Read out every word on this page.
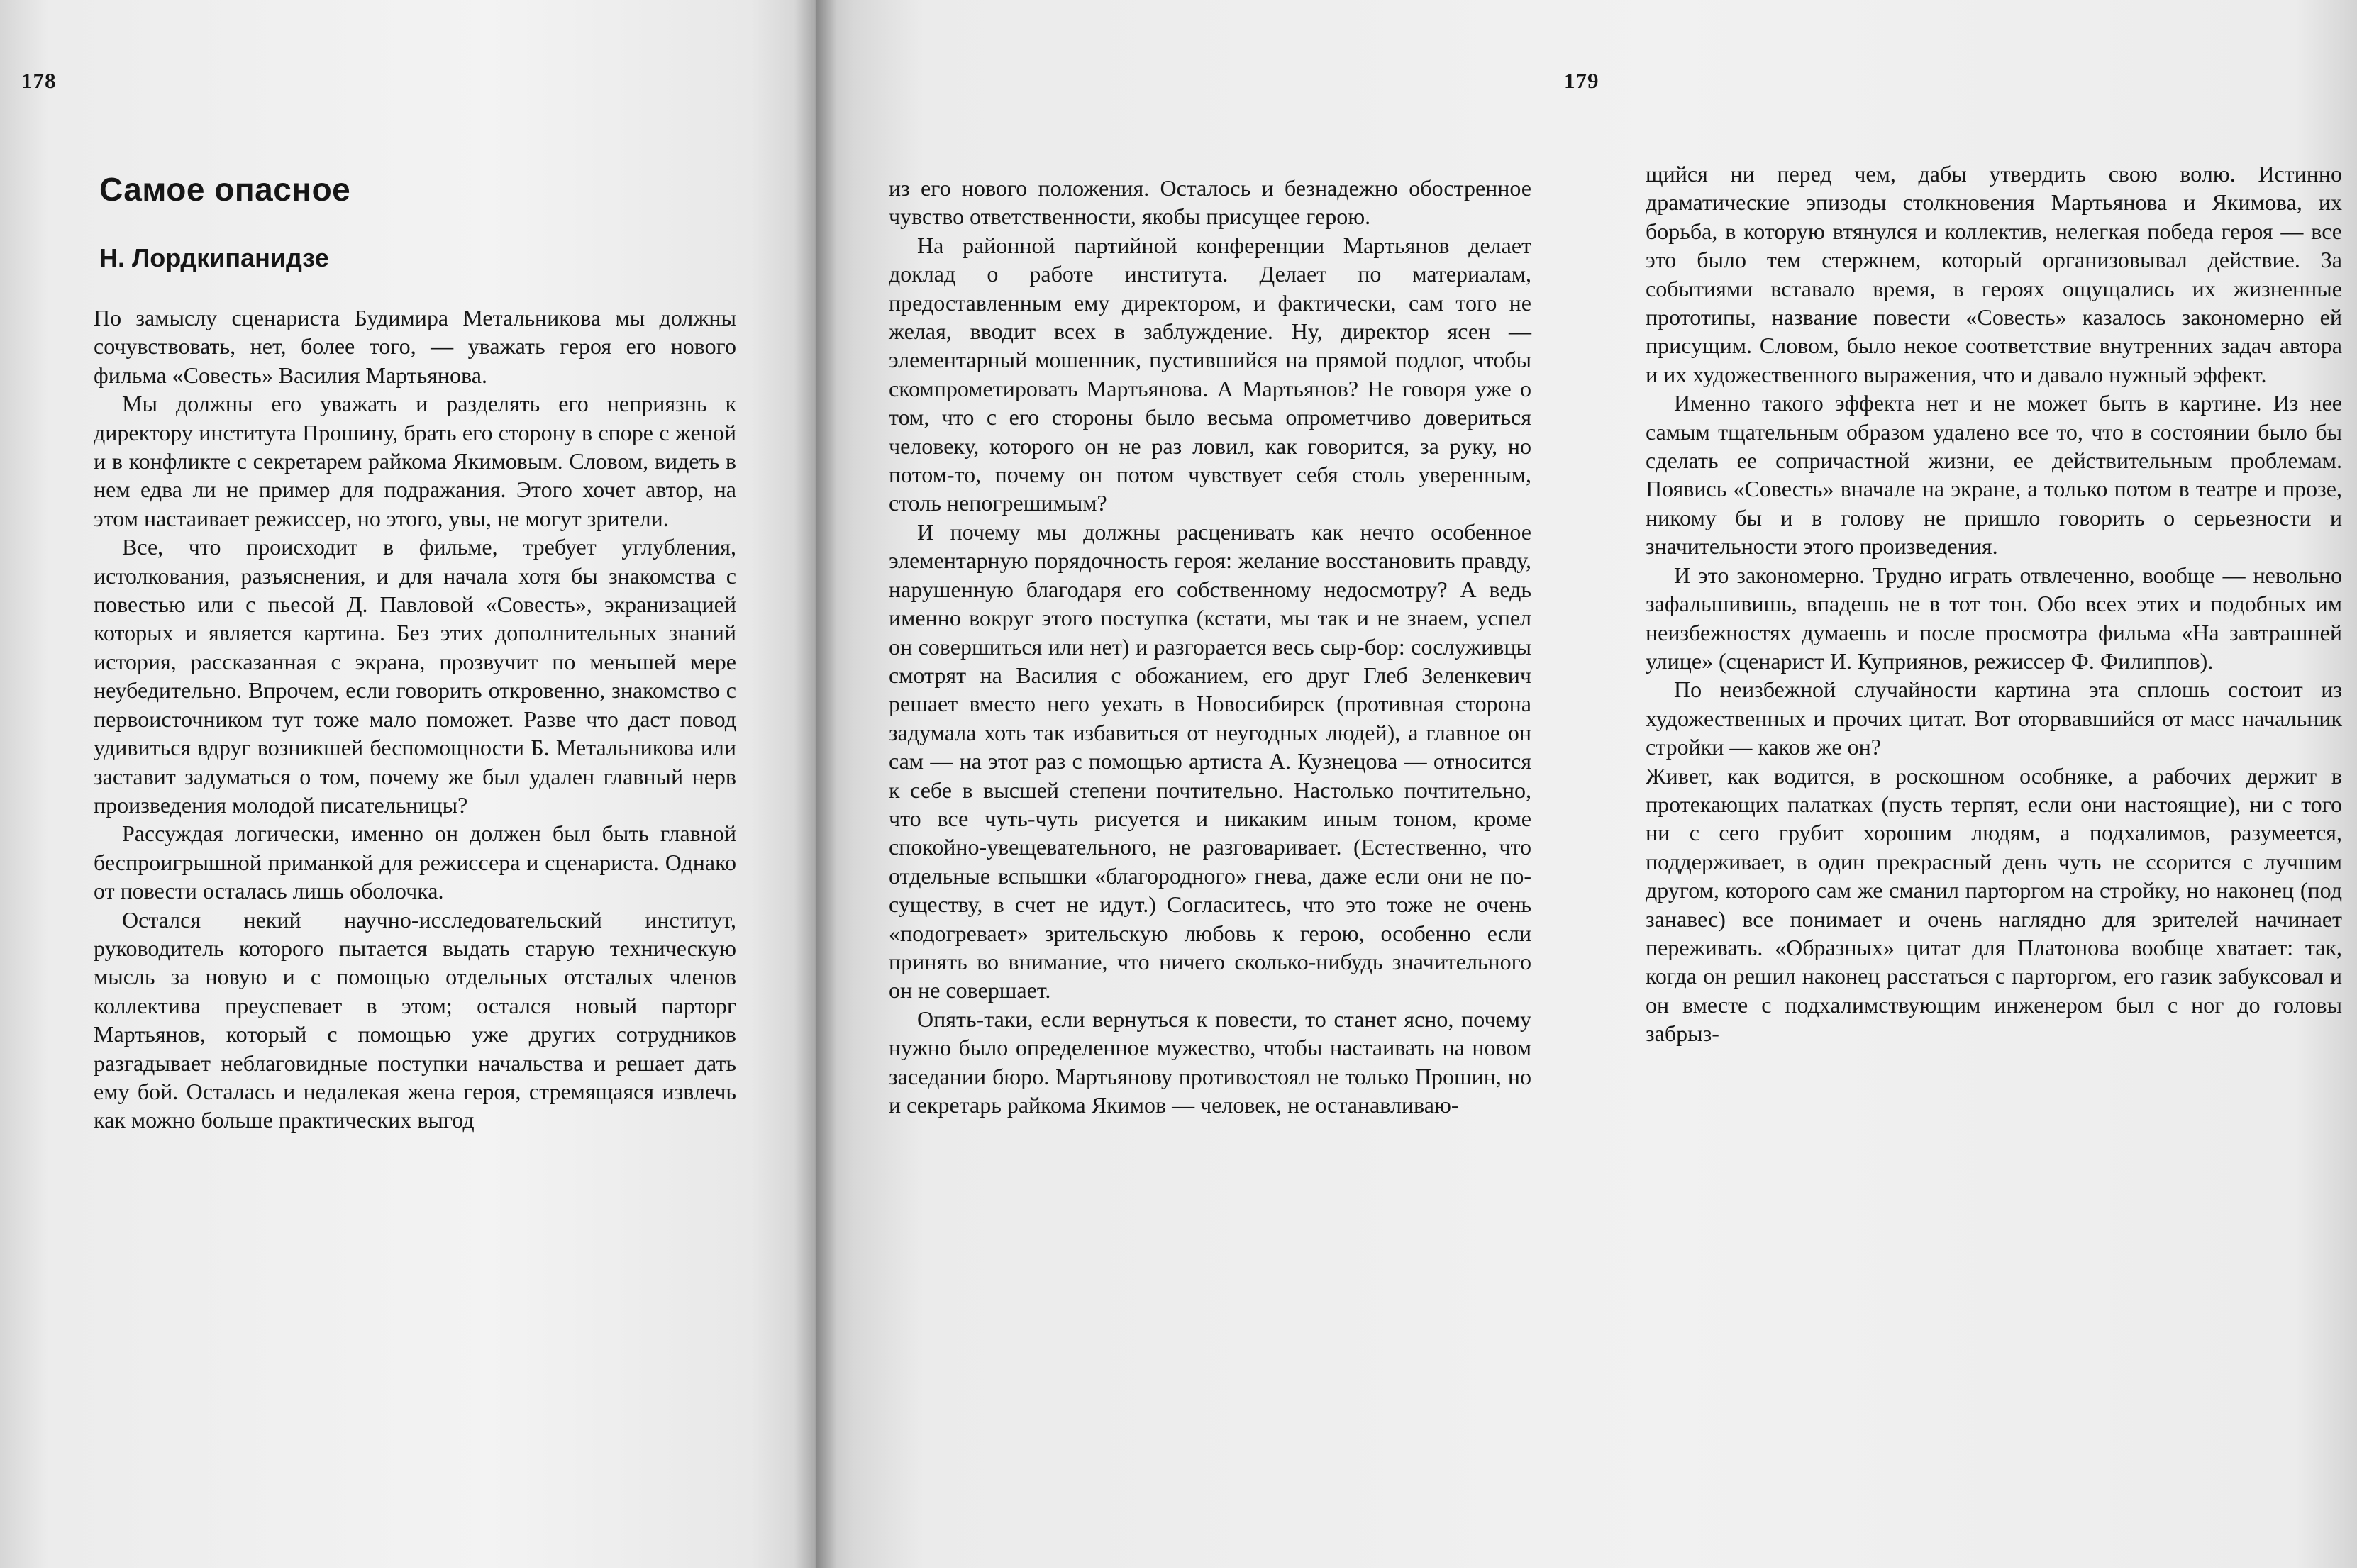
178
Самое опасное
Н. Лордкипанидзе

По замыслу сценариста Будимира Метальникова мы должны сочувствовать, нет, более того, — уважать героя его нового фильма «Совесть» Василия Мартьянова.

Мы должны его уважать и разделять его неприязнь к директору института Прошину, брать его сторону в споре с женой и в конфликте с секретарем райкома Якимовым. Словом, видеть в нем едва ли не пример для подражания. Этого хочет автор, на этом настаивает режиссер, но этого, увы, не могут зрители.

Все, что происходит в фильме, требует углубления, истолкования, разъяснения, и для начала хотя бы знакомства с повестью или с пьесой Д. Павловой «Совесть», экранизацией которых и является картина. Без этих дополнительных знаний история, рассказанная с экрана, прозвучит по меньшей мере неубедительно. Впрочем, если говорить откровенно, знакомство с первоисточником тут тоже мало поможет. Разве что даст повод удивиться вдруг возникшей беспомощности Б. Метальникова или заставит задуматься о том, почему же был удален главный нерв произведения молодой писательницы?

Рассуждая логически, именно он должен был быть главной беспроигрышной приманкой для режиссера и сценариста. Однако от повести осталась лишь оболочка.

Остался некий научно-исследовательский институт, руководитель которого пытается выдать старую техническую мысль за новую и с помощью отдельных отсталых членов коллектива преуспевает в этом; остался новый парторг Мартьянов, который с помощью уже других сотрудников разгадывает неблаговидные поступки начальства и решает дать ему бой. Осталась и недалекая жена героя, стремящаяся извлечь как можно больше практических выгод

179

из его нового положения. Осталось и безнадежно обостренное чувство ответственности, якобы присущее герою.

На районной партийной конференции Мартьянов делает доклад о работе института. Делает по материалам, предоставленным ему директором, и фактически, сам того не желая, вводит всех в заблуждение. Ну, директор ясен — элементарный мошенник, пустившийся на прямой подлог, чтобы скомпрометировать Мартьянова. А Мартьянов? Не говоря уже о том, что с его стороны было весьма опрометчиво довериться человеку, которого он не раз ловил, как говорится, за руку, но потом-то, почему он потом чувствует себя столь уверенным, столь непогрешимым?

И почему мы должны расценивать как нечто особенное элементарную порядочность героя: желание восстановить правду, нарушенную благодаря его собственному недосмотру? А ведь именно вокруг этого поступка (кстати, мы так и не знаем, успел он совершиться или нет) и разгорается весь сыр-бор: сослуживцы смотрят на Василия с обожанием, его друг Глеб Зеленкевич решает вместо него уехать в Новосибирск (противная сторона задумала хоть так избавиться от неугодных людей), а главное он сам — на этот раз с помощью артиста А. Кузнецова — относится к себе в высшей степени почтительно. Настолько почтительно, что все чуть-чуть рисуется и никаким иным тоном, кроме спокойно-увещевательного, не разговаривает. (Естественно, что отдельные вспышки «благородного» гнева, даже если они не по-существу, в счет не идут.) Согласитесь, что это тоже не очень «подогревает» зрительскую любовь к герою, особенно если принять во внимание, что ничего сколько-нибудь значительного он не совершает.

Опять-таки, если вернуться к повести, то станет ясно, почему нужно было определенное мужество, чтобы настаивать на новом заседании бюро. Мартьянову противостоял не только Прошин, но и секретарь райкома Якимов — человек, не останавливаю-

щийся ни перед чем, дабы утвердить свою волю. Истинно драматические эпизоды столкновения Мартьянова и Якимова, их борьба, в которую втянулся и коллектив, нелегкая победа героя — все это было тем стержнем, который организовывал действие. За событиями вставало время, в героях ощущались их жизненные прототипы, название повести «Совесть» казалось закономерно ей присущим. Словом, было некое соответствие внутренних задач автора и их художественного выражения, что и давало нужный эффект.

Именно такого эффекта нет и не может быть в картине. Из нее самым тщательным образом удалено все то, что в состоянии было бы сделать ее сопричастной жизни, ее действительным проблемам. Появись «Совесть» вначале на экране, а только потом в театре и прозе, никому бы и в голову не пришло говорить о серьезности и значительности этого произведения.

И это закономерно. Трудно играть отвлеченно, вообще — невольно зафальшивишь, впадешь не в тот тон. Обо всех этих и подобных им неизбежностях думаешь и после просмотра фильма «На завтрашней улице» (сценарист И. Куприянов, режиссер Ф. Филиппов).

По неизбежной случайности картина эта сплошь состоит из художественных и прочих цитат. Вот оторвавшийся от масс начальник стройки — каков же он?

Живет, как водится, в роскошном особняке, а рабочих держит в протекающих палатках (пусть терпят, если они настоящие), ни с того ни с сего грубит хорошим людям, а подхалимов, разумеется, поддерживает, в один прекрасный день чуть не ссорится с лучшим другом, которого сам же сманил парторгом на стройку, но наконец (под занавес) все понимает и очень наглядно для зрителей начинает переживать. «Образных» цитат для Платонова вообще хватает: так, когда он решил наконец расстаться с парторгом, его газик забуксовал и он вместе с подхалимствующим инженером был с ног до головы забрыз-
